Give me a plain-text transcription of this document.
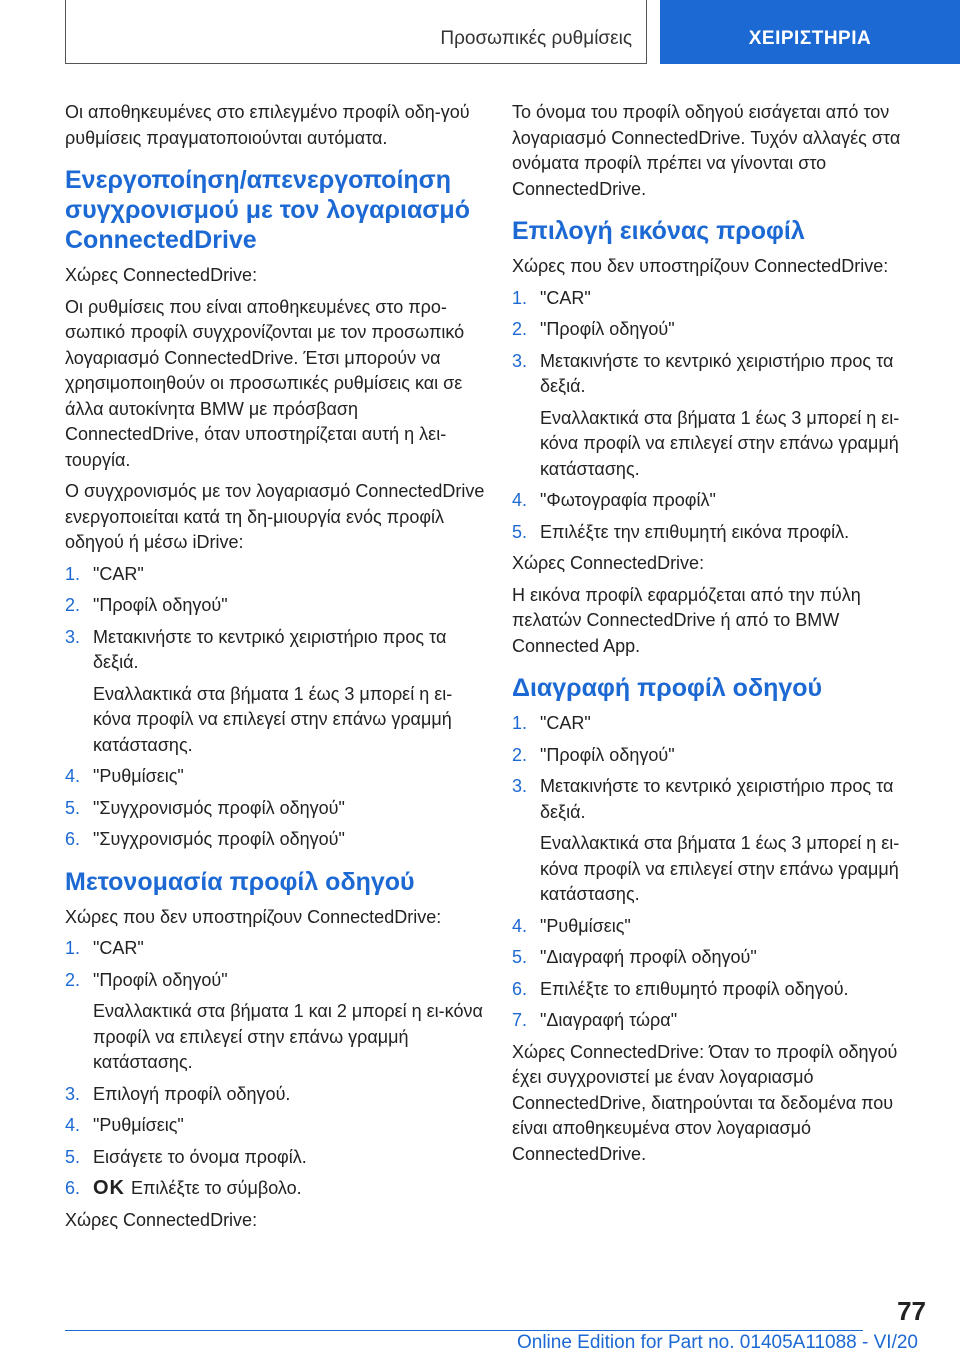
Προσωπικές ρυθμίσεις	ΧΕΙΡΙΣΤΗΡΙΑ

Οι αποθηκευμένες στο επιλεγμένο προφίλ οδη-γού ρυθμίσεις πραγματοποιούνται αυτόματα.

Ενεργοποίηση/απενεργοποίηση συγχρονισμού με τον λογαριασμό ConnectedDrive

Χώρες ConnectedDrive:

Οι ρυθμίσεις που είναι αποθηκευμένες στο προ-σωπικό προφίλ συγχρονίζονται με τον προσωπικό λογαριασμό ConnectedDrive. Έτσι μπορούν να χρησιμοποιηθούν οι προσωπικές ρυθμίσεις και σε άλλα αυτοκίνητα BMW με πρόσβαση ConnectedDrive, όταν υποστηρίζεται αυτή η λει-τουργία.

Ο συγχρονισμός με τον λογαριασμό ConnectedDrive ενεργοποιείται κατά τη δη-μιουργία ενός προφίλ οδηγού ή μέσω iDrive:

1. "CAR"
2. "Προφίλ οδηγού"
3. Μετακινήστε το κεντρικό χειριστήριο προς τα δεξιά.
Εναλλακτικά στα βήματα 1 έως 3 μπορεί η ει-κόνα προφίλ να επιλεγεί στην επάνω γραμμή κατάστασης.
4. "Ρυθμίσεις"
5. "Συγχρονισμός προφίλ οδηγού"
6. "Συγχρονισμός προφίλ οδηγού"
Μετονομασία προφίλ οδηγού

Χώρες που δεν υποστηρίζουν ConnectedDrive:

1. "CAR"
2. "Προφίλ οδηγού"
Εναλλακτικά στα βήματα 1 και 2 μπορεί η ει-κόνα προφίλ να επιλεγεί στην επάνω γραμμή κατάστασης.
3. Επιλογή προφίλ οδηγού.
4. "Ρυθμίσεις"
5. Εισάγετε το όνομα προφίλ.
6. OK Επιλέξτε το σύμβολο.

Χώρες ConnectedDrive:

Το όνομα του προφίλ οδηγού εισάγεται από τον λογαριασμό ConnectedDrive. Τυχόν αλλαγές στα ονόματα προφίλ πρέπει να γίνονται στο ConnectedDrive.

Επιλογή εικόνας προφίλ

Χώρες που δεν υποστηρίζουν ConnectedDrive:

1. "CAR"
2. "Προφίλ οδηγού"
3. Μετακινήστε το κεντρικό χειριστήριο προς τα δεξιά.
Εναλλακτικά στα βήματα 1 έως 3 μπορεί η ει-κόνα προφίλ να επιλεγεί στην επάνω γραμμή κατάστασης.
4. "Φωτογραφία προφίλ"
5. Επιλέξτε την επιθυμητή εικόνα προφίλ.

Χώρες ConnectedDrive:

Η εικόνα προφίλ εφαρμόζεται από την πύλη πελατών ConnectedDrive ή από το BMW Connected App.

Διαγραφή προφίλ οδηγού
1. "CAR"
2. "Προφίλ οδηγού"
3. Μετακινήστε το κεντρικό χειριστήριο προς τα δεξιά.
Εναλλακτικά στα βήματα 1 έως 3 μπορεί η ει-κόνα προφίλ να επιλεγεί στην επάνω γραμμή κατάστασης.
4. "Ρυθμίσεις"
5. "Διαγραφή προφίλ οδηγού"
6. Επιλέξτε το επιθυμητό προφίλ οδηγού.
7. "Διαγραφή τώρα"

Χώρες ConnectedDrive: Όταν το προφίλ οδηγού έχει συγχρονιστεί με έναν λογαριασμό ConnectedDrive, διατηρούνται τα δεδομένα που είναι αποθηκευμένα στον λογαριασμό ConnectedDrive.

77
Online Edition for Part no. 01405A11088 - VI/20
